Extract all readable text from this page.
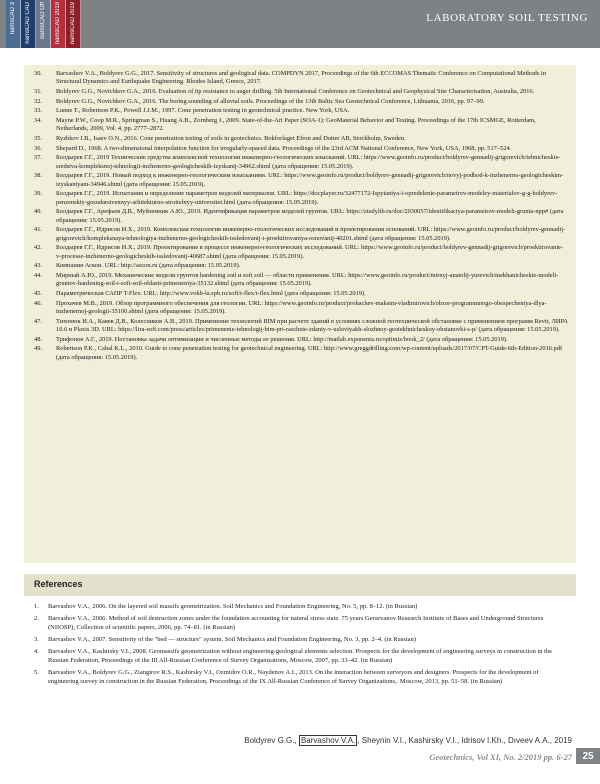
namsCAD 3 namsCAD CAD namsCAD Off namsCAD 2019 namsCAD 2019	LABORATORY SOIL TESTING
30. Barvashov V.A., Boldyrev G.G., 2017. Sensitivity of structures and geological data. COMPDYN 2017, Proceedings of the 6th ECCOMAS Thematic Conference on Computational Methods in Structural Dynamics and Earthquake Engineering. Rhodes Island, Greece, 2017.
31. Boldyrev G.G., Novichkov G.A., 2016. Evaluation of tip resistance to auger drilling. 5th International Conference on Geotechnical and Geophysical Site Characterisation, Australia, 2016.
32. Boldyrev G.G., Novichkov G.A., 2016. The boring sounding of alluvial soils. Proceedings of the 13th Baltic Sea Geotechnical Conference, Lithuania, 2016, pp. 97–99.
33. Lunne T., Robertson P.K., Powell J.J.M., 1997. Cone penetration testing in geotechnical practice. New York, USA.
34. Mayne P.W., Coop M.R., Springman S., Huang A.B., Zornberg J., 2009. State-of-the-Art Paper (SOA-1): GeoMaterial Behavior and Testing. Proceedings of the 17th ICSMGE, Rotterdam, Netherlands, 2009, Vol. 4, pp. 2777–2872.
35. Ryzhkov I.B., Isaev O.N., 2016. Cone penetration testing of soils in geotechnics. Bokforlaget Efron and Dotter AB, Stockholm, Sweden.
36. Shepard D., 1968. A two-dimensional interpolation function for irregularly-spaced data. Proceedings of the 23rd ACM National Conference, New York, USA, 1968, pp. 517–524.
37. Болдырев Г.Г., 2019 Технические средства комплексной технологии инженерно-геологических изысканий. URL: https://www.geoinfo.ru/product/boldyrev-gennadij-grigorevich/tehnicheskie-sredstva-kompleksnoj-tehnologii-inzhenerno-geologicheskih-izyskanij-34962.shtml (дата обращения: 15.05.2019).
38. Болдырев Г.Г., 2019. Новый подход к инженерно-геологическим изысканиям. URL: https://www.geoinfo.ru/product/boldyrev-gennadij-grigorevich/novyj-podhod-k-inzhenerno-geologicheskim-izyskaniyam-34946.shtml (дата обращения: 15.05.2019).
39. Болдырев Г.Г., 2019. Испытания и определение параметров моделей материалов. URL: https://docplayer.ru/32477172-Ispytaniya-i-opredelenie-parametrov-modeley-materialov-g-g-boldyrev-penzenskiy-gosudarstvennyy-arhitekturno-stroitelnyy-universitet.html (дата обращения: 15.05.2019).
40. Болдырев Г.Г., Арефьев Д.В., Муйземник А.Ю., 2019. Идентификация параметров моделей грунтов. URL: https://studylib.ru/doc/2030057/identifikaciya-parametrov-modeli-grunta-npp# (дата обращения: 15.05.2019).
41. Болдырев Г.Г., Идрисов И.Х., 2019. Комплексная технология инженерно-геологических исследований и проектирования оснований. URL: https://www.geoinfo.ru/product/boldyrev-gennadij-grigorevich/kompleksnaya-tehnologiya-inzhenerno-geologicheskih-issledovanij-i-proektirovaniya-osnovanij-40201.shtml (дата обращения: 15.05.2019).
42. Болдырев Г.Г., Идрисов И.Х., 2019. Проектирование в процессе инженерно-геологических исследований. URL: https://www.geoinfo.ru/product/boldyrev-gennadij-grigorevich/proektirovanie-v-processe-inzhenerno-geologicheskih-issledovanij-40687.shtml (дата обращения: 15.05.2019).
43. Компания Аскон. URL: http://ascon.ru (дата обращения: 15.05.2019).
44. Мирный А.Ю., 2019. Механические модели грунтов hardening soil и soft soil — области применения. URL: https://www.geoinfo.ru/product/mirnyj-anatolij-yurevich/mekhanicheskie-modeli-gruntov-hardening-soil-i-soft-soil-oblasti-primeneniya-35132.shtml (дата обращения: 15.05.2019).
45. Параметрическая САПР T-Flex. URL: http://www.vokb-la.spb.ru/soft/t-flex/t-flex.html (дата обращения: 15.05.2019).
46. Прохачев М.В., 2019. Обзор программного обеспечения для геологии. URL: https://www.geoinfo.ru/product/prohachev-maksim-vladimirovich/obzor-programmnogo-obespecheniya-dlya-inzhenernoj-geologii-35100.shtml (дата обращения: 15.05.2019).
47. Тихонюк И.А., Каяев Д.В., Колесников А.В., 2019. Применение технологий BIM при расчете зданий в условиях сложной геотехнической обстановке с применением программ Revit, ЛИРА 10.6 и Plaxis 3D. URL: https://lira-soft.com/press/articles/primenenie-tehnologij-bim-pri-raschete-zdaniy-v-usloviyakh-slozhnoy-geotekhnicheskoy-obstanovki-s-p/ (дата обращения: 15.05.2019).
48. Трифонов А.Г., 2019. Постановка задачи оптимизации и численные методы ее решения. URL: http://matlab.exponenta.ru/optimiz/book_2/ (дата обращения: 15.05.2019).
49. Robertson P.K., Cabal K.L., 2010. Guide to cone penetration testing for geotechnical engineering. URL: http://www.greggdrilling.com/wp-content/uploads/2017/07/CPT-Guide-6th-Edition-2016.pdf (дата обращения: 15.05.2019).
References
1. Barvashov V.A., 2006. On the layered soil massifs geometrization. Soil Mechanics and Foundation Engineering, No. 5, pp. 8–12. (in Russian)
2. Barvashov V.A., 2006. Method of soil destruction zones under the foundation accounting for natural stress state. 75 years Gersevanov Research Institute of Bases and Underground Structures (NIIOSP), Collection of scientific papers, 2006, pp. 74–81. (in Russian)
3. Barvashov V.A., 2007. Sensitivity of the "bed — structure" system. Soil Mechanics and Foundation Engineering, No. 3, pp. 2–4. (in Russian)
4. Barvashov V.A., Kashirsky V.I., 2008. Geomassifs geometrization without engineering-geological elements selection. Prospects for the development of engineering surveys in construction in the Russian Federation, Proceedings of the III All-Russian Conference of Survey Organizations, Moscow, 2007, pp. 33–42. (in Russian)
5. Barvashov V.A., Boldyrev G.G., Ziangirov R.S., Kashirsky V.I., Ozmidov O.R., Naydenov A.I., 2013. On the interaction between surveyors and designers. Prospects for the development of engineering survey in construction in the Russian Federation, Proceedings of the IX All-Russian Conference of Survey Organizations,. Moscow, 2013, pp. 51–58. (in Russian)
Boldyrev G.G., Barvashov V.A. , Sheynin V.I., Kashirsky V.I., Idrisov I.Kh., Dıveev A.A., 2019
Geotechnics, Vol XI, No. 2/2019 pp. 6-27	25
